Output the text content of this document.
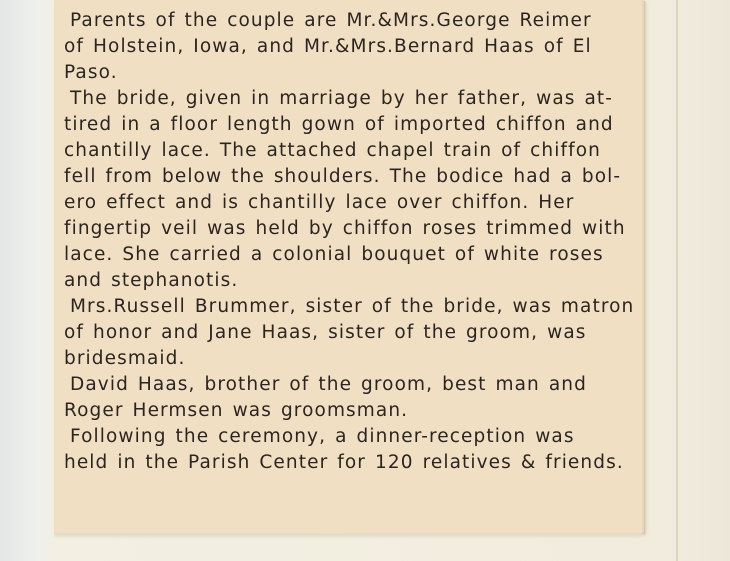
Parents of the couple are Mr.&Mrs.George Reimer
of Holstein, Iowa, and Mr.&Mrs.Bernard Haas of El
Paso.
The bride, given in marriage by her father, was at-
tired in a floor length gown of imported chiffon and
chantilly lace. The attached chapel train of chiffon
fell from below the shoulders. The bodice had a bol-
ero effect and is chantilly lace over chiffon. Her
fingertip veil was held by chiffon roses trimmed with
lace. She carried a colonial bouquet of white roses
and stephanotis.
Mrs.Russell Brummer, sister of the bride, was matron
of honor and Jane Haas, sister of the groom, was
bridesmaid.
David Haas, brother of the groom, best man and
Roger Hermsen was groomsman.
Following the ceremony, a dinner-reception was
held in the Parish Center for 120 relatives & friends.
